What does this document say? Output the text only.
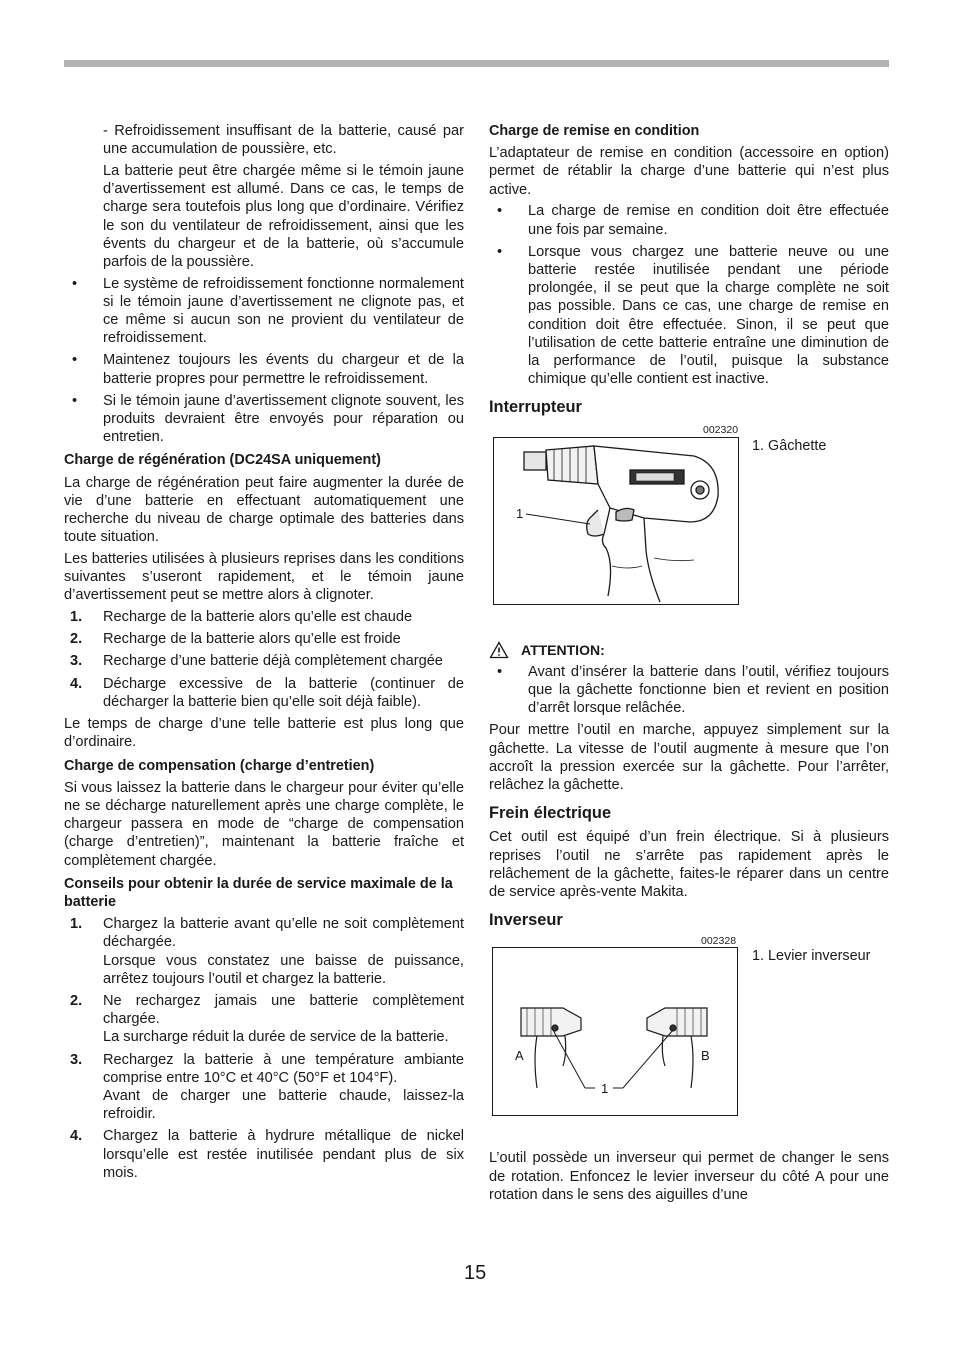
- Refroidissement insuffisant de la batterie, causé par une accumulation de poussière, etc.

La batterie peut être chargée même si le témoin jaune d’avertissement est allumé. Dans ce cas, le temps de charge sera toutefois plus long que d’ordinaire. Vérifiez le son du ventilateur de refroidissement, ainsi que les évents du chargeur et de la batterie, où s’accumule parfois de la poussière.

• Le système de refroidissement fonctionne normalement si le témoin jaune d’avertissement ne clignote pas, et ce même si aucun son ne provient du ventilateur de refroidissement.
• Maintenez toujours les évents du chargeur et de la batterie propres pour permettre le refroidissement.
• Si le témoin jaune d’avertissement clignote souvent, les produits devraient être envoyés pour réparation ou entretien.
Charge de régénération (DC24SA uniquement)

La charge de régénération peut faire augmenter la durée de vie d’une batterie en effectuant automatiquement une recherche du niveau de charge optimale des batteries dans toute situation.

Les batteries utilisées à plusieurs reprises dans les conditions suivantes s’useront rapidement, et le témoin jaune d’avertissement peut se mettre alors à clignoter.

1. Recharge de la batterie alors qu’elle est chaude
2. Recharge de la batterie alors qu’elle est froide
3. Recharge d’une batterie déjà complètement chargée
4. Décharge excessive de la batterie (continuer de décharger la batterie bien qu’elle soit déjà faible).

Le temps de charge d’une telle batterie est plus long que d’ordinaire.

Charge de compensation (charge d’entretien)

Si vous laissez la batterie dans le chargeur pour éviter qu’elle ne se décharge naturellement après une charge complète, le chargeur passera en mode de “charge de compensation (charge d’entretien)”, maintenant la batterie fraîche et complètement chargée.

Conseils pour obtenir la durée de service maximale de la batterie
1. Chargez la batterie avant qu’elle ne soit complètement déchargée.
Lorsque vous constatez une baisse de puissance, arrêtez toujours l’outil et chargez la batterie.
2. Ne rechargez jamais une batterie complètement chargée.
La surcharge réduit la durée de service de la batterie.
3. Rechargez la batterie à une température ambiante comprise entre 10°C et 40°C (50°F et 104°F).
Avant de charger une batterie chaude, laissez-la refroidir.
4. Chargez la batterie à hydrure métallique de nickel lorsqu’elle est restée inutilisée pendant plus de six mois.
Charge de remise en condition

L’adaptateur de remise en condition (accessoire en option) permet de rétablir la charge d’une batterie qui n’est plus active.

• La charge de remise en condition doit être effectuée une fois par semaine.
• Lorsque vous chargez une batterie neuve ou une batterie restée inutilisée pendant une période prolongée, il se peut que la charge complète ne soit pas possible. Dans ce cas, une charge de remise en condition doit être effectuée. Sinon, il se peut que l’utilisation de cette batterie entraîne une diminution de la performance de l’outil, puisque la substance chimique qu’elle contient est inactive.
Interrupteur
002320
1. Gâchette
1
ATTENTION:
• Avant d’insérer la batterie dans l’outil, vérifiez toujours que la gâchette fonctionne bien et revient en position d’arrêt lorsque relâchée.

Pour mettre l’outil en marche, appuyez simplement sur la gâchette. La vitesse de l’outil augmente à mesure que l’on accroît la pression exercée sur la gâchette. Pour l’arrêter, relâchez la gâchette.

Frein électrique

Cet outil est équipé d’un frein électrique. Si à plusieurs reprises l’outil ne s’arrête pas rapidement après le relâchement de la gâchette, faites-le réparer dans un centre de service après-vente Makita.

Inverseur
002328
1. Levier inverseur
A	B
1

L’outil possède un inverseur qui permet de changer le sens de rotation. Enfoncez le levier inverseur du côté A pour une rotation dans le sens des aiguilles d’une

15
